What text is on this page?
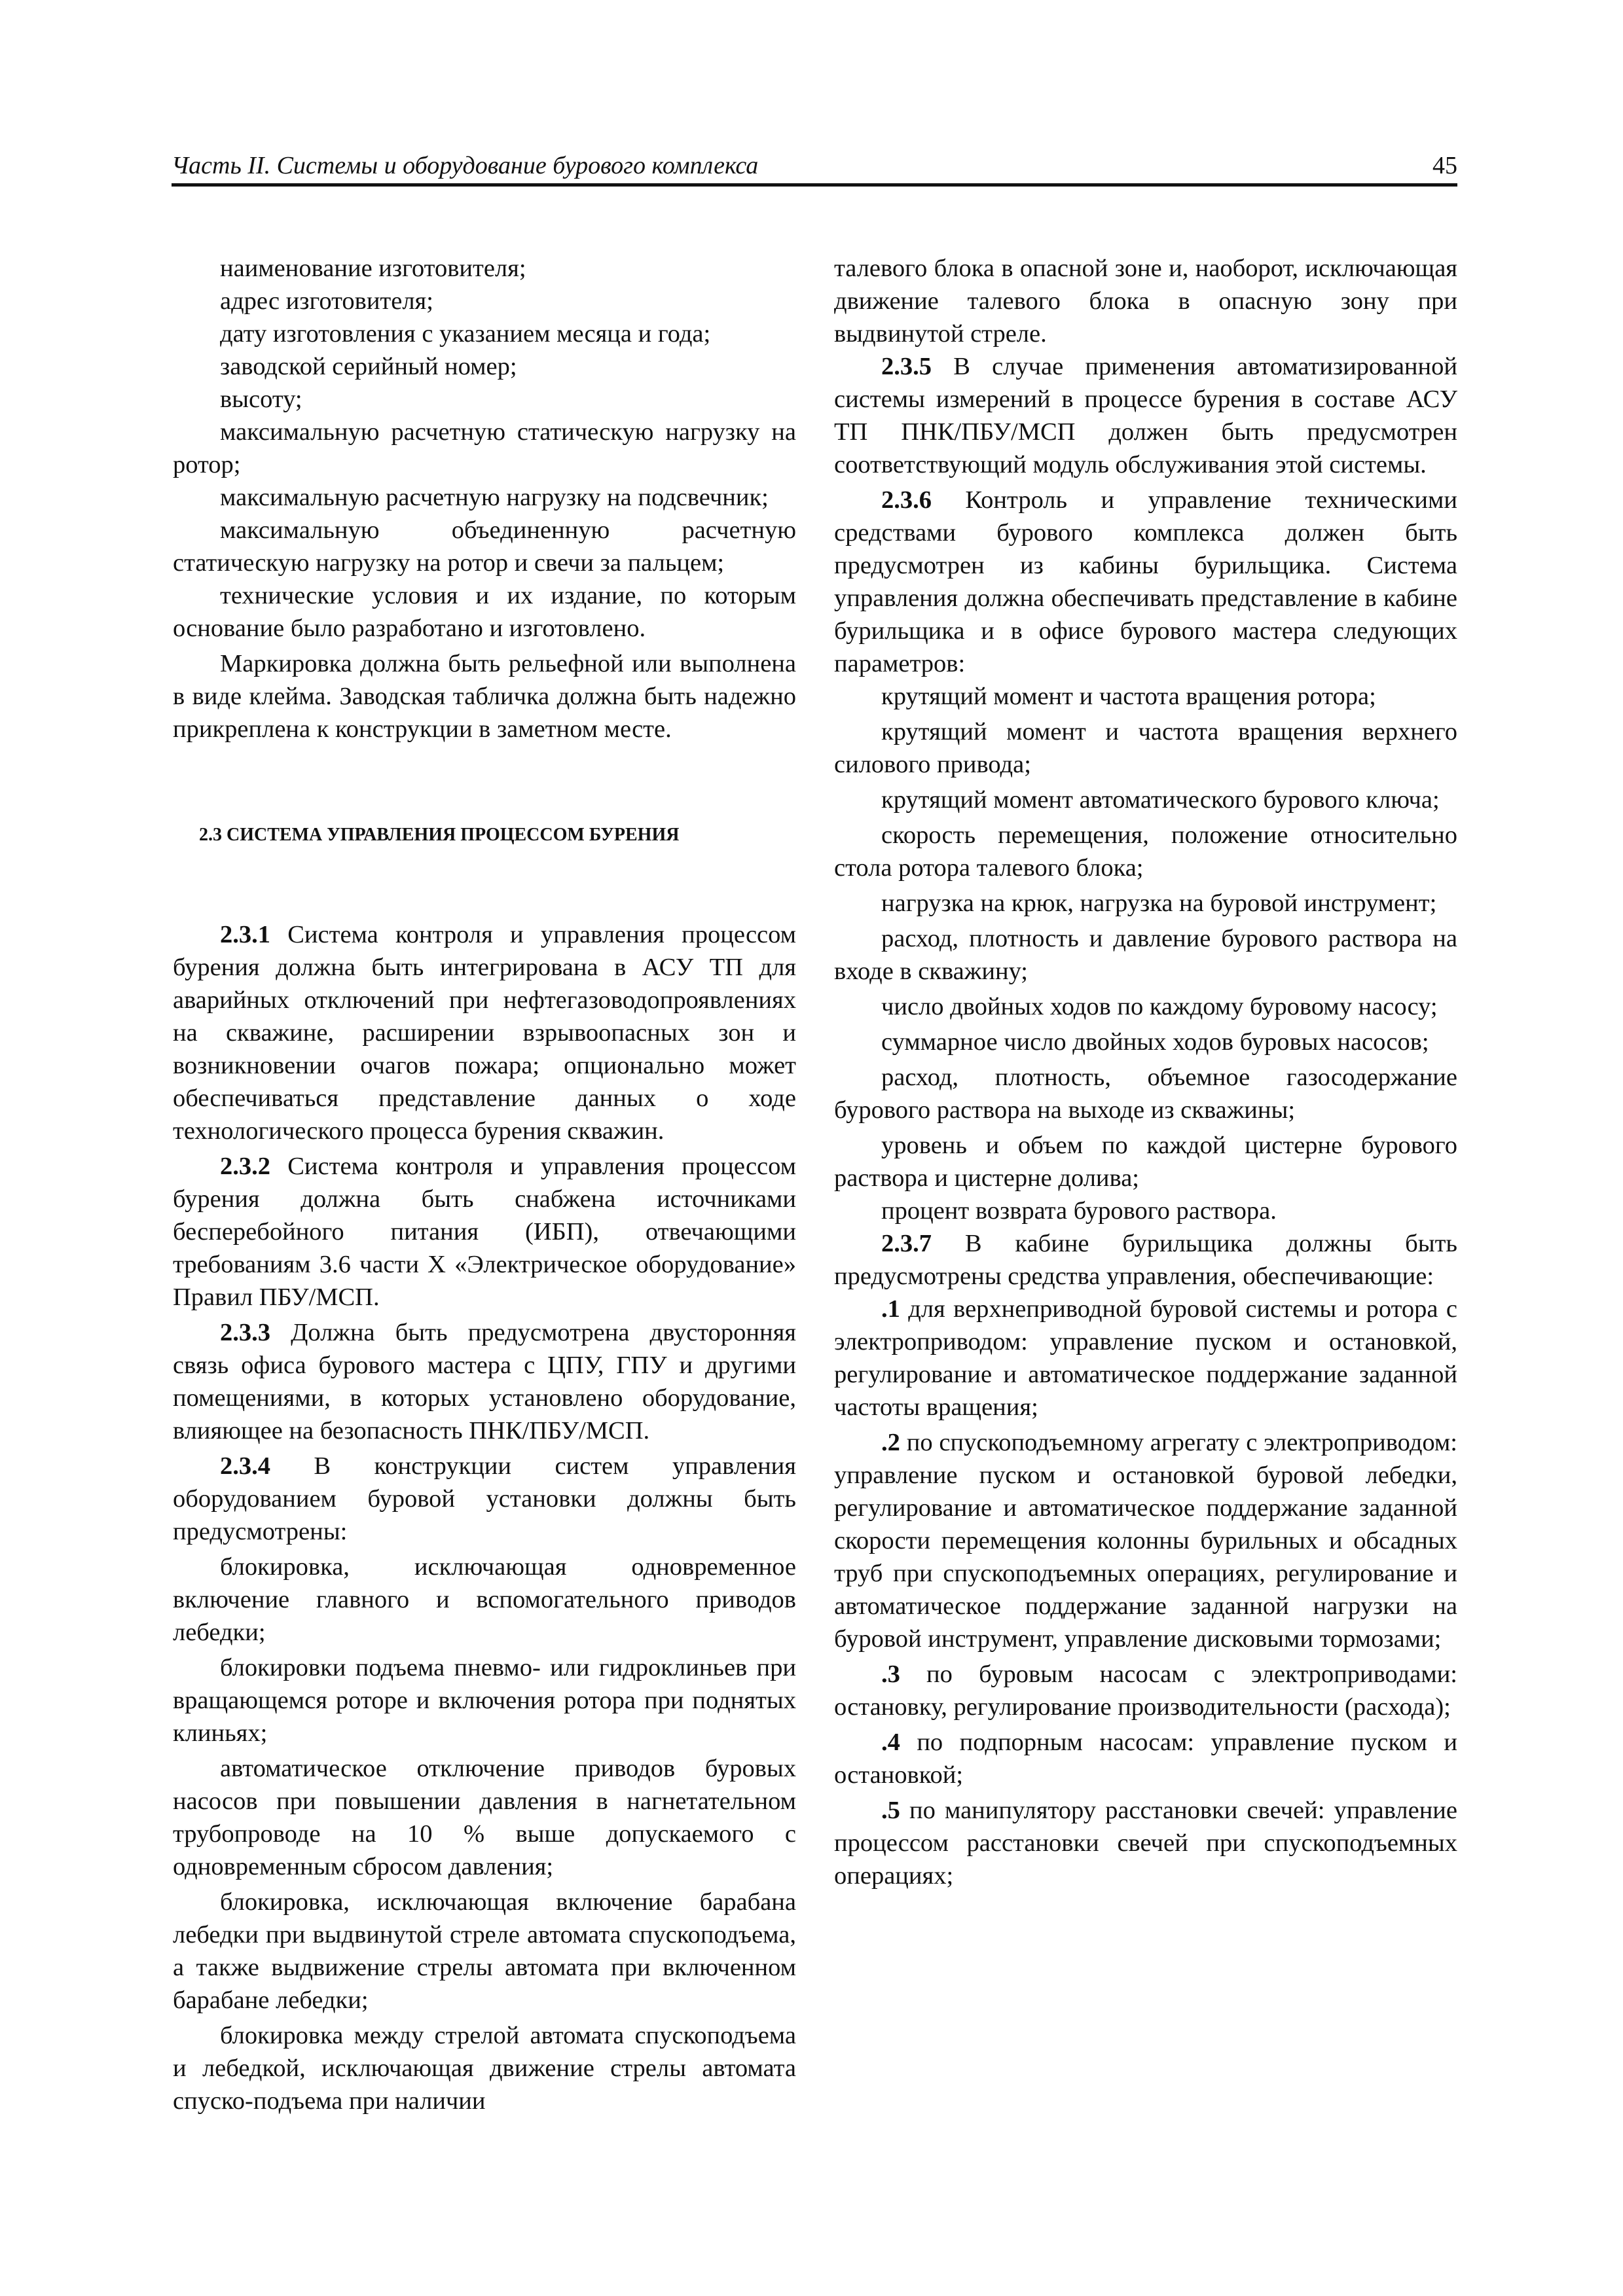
Часть II. Системы и оборудование бурового комплекса	45

наименование изготовителя;

адрес изготовителя;

дату изготовления с указанием месяца и года;

заводской серийный номер;

высоту;

максимальную расчетную статическую нагрузку на ротор;

максимальную расчетную нагрузку на подсвечник;

максимальную объединенную расчетную статическую нагрузку на ротор и свечи за пальцем;

технические условия и их издание, по которым основание было разработано и изготовлено.

Маркировка должна быть рельефной или выполнена в виде клейма. Заводская табличка должна быть надежно прикреплена к конструкции в заметном месте.

2.3 СИСТЕМА УПРАВЛЕНИЯ ПРОЦЕССОМ БУРЕНИЯ

2.3.1 Система контроля и управления процессом бурения должна быть интегрирована в АСУ ТП для аварийных отключений при нефтегазоводопроявлениях на скважине, расширении взрывоопасных зон и возникновении очагов пожара; опционально может обеспечиваться представление данных о ходе технологического процесса бурения скважин.

2.3.2 Система контроля и управления процессом бурения должна быть снабжена источниками бесперебойного питания (ИБП), отвечающими требованиям 3.6 части X «Электрическое оборудование» Правил ПБУ/МСП.

2.3.3 Должна быть предусмотрена двусторонняя связь офиса бурового мастера с ЦПУ, ГПУ и другими помещениями, в которых установлено оборудование, влияющее на безопасность ПНК/ПБУ/МСП.

2.3.4 В конструкции систем управления оборудованием буровой установки должны быть предусмотрены:

блокировка, исключающая одновременное включение главного и вспомогательного приводов лебедки;

блокировки подъема пневмо- или гидроклиньев при вращающемся роторе и включения ротора при поднятых клиньях;

автоматическое отключение приводов буровых насосов при повышении давления в нагнетательном трубопроводе на 10 % выше допускаемого с одновременным сбросом давления;

блокировка, исключающая включение барабана лебедки при выдвинутой стреле автомата спускоподъема, а также выдвижение стрелы автомата при включенном барабане лебедки;

блокировка между стрелой автомата спускоподъема и лебедкой, исключающая движение стрелы автомата спуско-подъема при наличии

талевого блока в опасной зоне и, наоборот, исключающая движение талевого блока в опасную зону при выдвинутой стреле.

2.3.5 В случае применения автоматизированной системы измерений в процессе бурения в составе АСУ ТП ПНК/ПБУ/МСП должен быть предусмотрен соответствующий модуль обслуживания этой системы.

2.3.6 Контроль и управление техническими средствами бурового комплекса должен быть предусмотрен из кабины бурильщика. Система управления должна обеспечивать представление в кабине бурильщика и в офисе бурового мастера следующих параметров:

крутящий момент и частота вращения ротора;

крутящий момент и частота вращения верхнего силового привода;

крутящий момент автоматического бурового ключа;

скорость перемещения, положение относительно стола ротора талевого блока;

нагрузка на крюк, нагрузка на буровой инструмент;

расход, плотность и давление бурового раствора на входе в скважину;

число двойных ходов по каждому буровому насосу;

суммарное число двойных ходов буровых насосов;

расход, плотность, объемное газосодержание бурового раствора на выходе из скважины;

уровень и объем по каждой цистерне бурового раствора и цистерне долива;

процент возврата бурового раствора.

2.3.7 В кабине бурильщика должны быть предусмотрены средства управления, обеспечивающие:

.1 для верхнеприводной буровой системы и ротора с электроприводом: управление пуском и остановкой, регулирование и автоматическое поддержание заданной частоты вращения;

.2 по спускоподъемному агрегату с электроприводом: управление пуском и остановкой буровой лебедки, регулирование и автоматическое поддержание заданной скорости перемещения колонны бурильных и обсадных труб при спускоподъемных операциях, регулирование и автоматическое поддержание заданной нагрузки на буровой инструмент, управление дисковыми тормозами;

.3 по буровым насосам с электроприводами: остановку, регулирование производительности (расхода);

.4 по подпорным насосам: управление пуском и остановкой;

.5 по манипулятору расстановки свечей: управление процессом расстановки свечей при спускоподъемных операциях;
